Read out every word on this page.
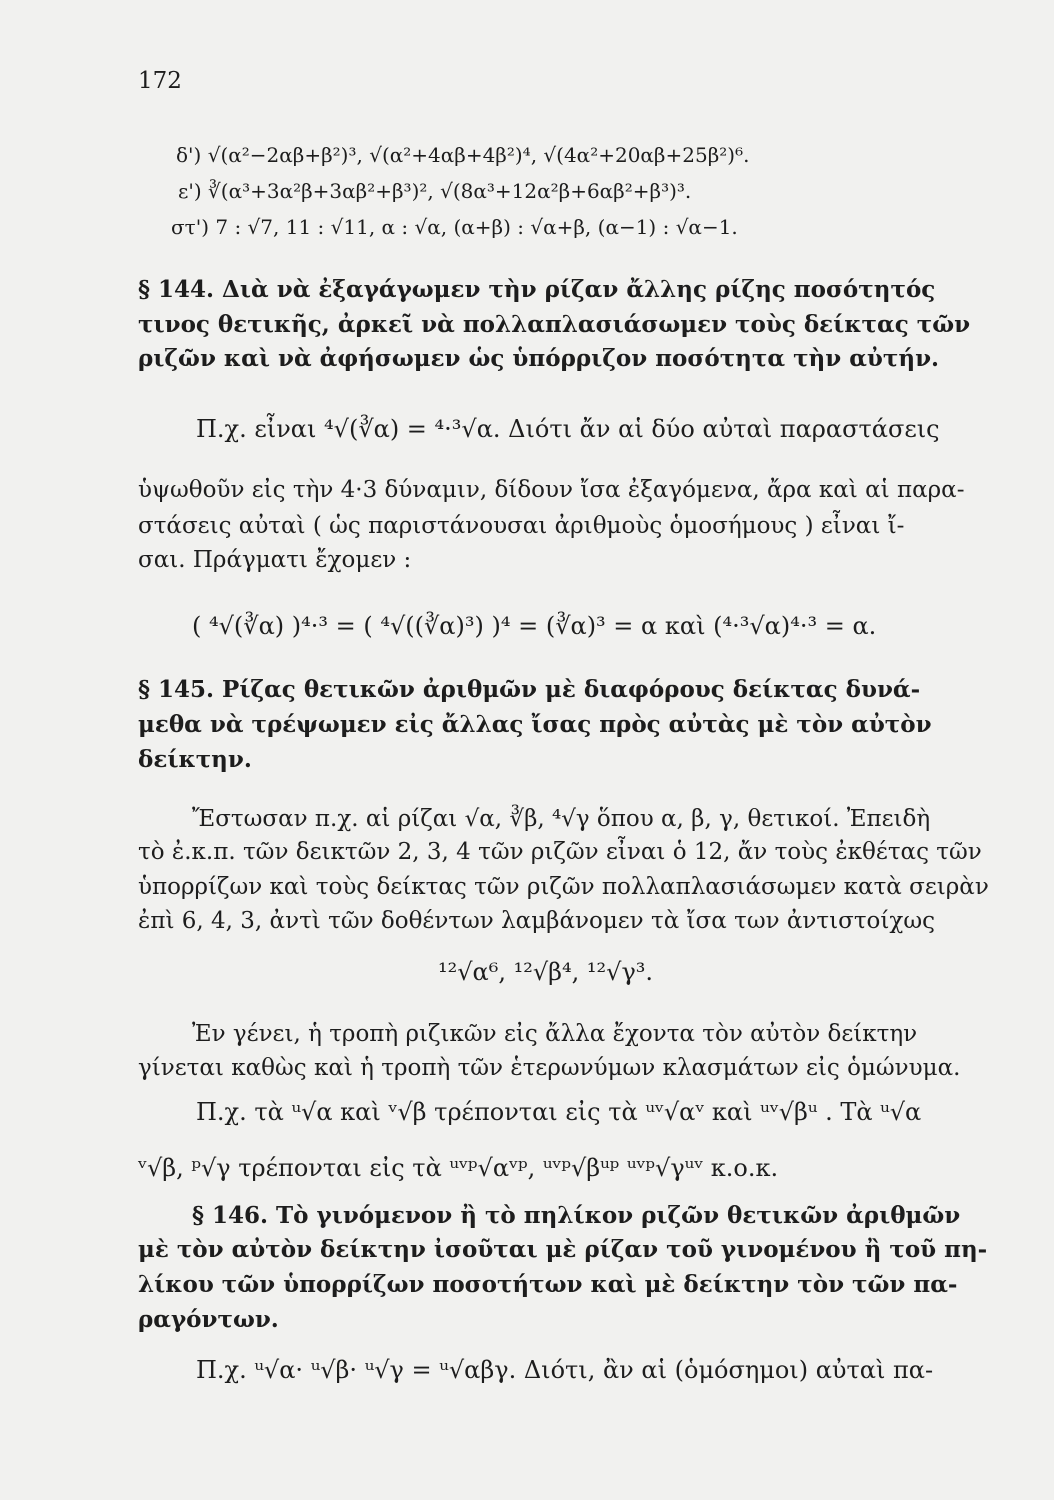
172
δ') √(α²−2αβ+β²)³, √(α²+4αβ+4β²)⁴, √(4α²+20αβ+25β²)⁶.
ε') ∛(α³+3α²β+3αβ²+β³)², √(8α³+12α²β+6αβ²+β³)³.
στ') 7 : √7, 11 : √11, α : √α, (α+β) : √α+β, (α−1) : √α−1.
§ 144. Διὰ νὰ ἐξαγάγωμεν τὴν ρίζαν ἄλλης ρίζης ποσότητός
τινος θετικῆς, ἀρκεῖ νὰ πολλαπλασιάσωμεν τοὺς δείκτας τῶν
ριζῶν καὶ νὰ ἀφήσωμεν ὡς ὑπόρριζον ποσότητα τὴν αὐτήν.
Π.χ. εἶναι ⁴√(∛α) = ⁴·³√α. Διότι ἄν αἱ δύο αὐταὶ παραστάσεις
ὑψωθοῦν εἰς τὴν 4·3 δύναμιν, δίδουν ἴσα ἐξαγόμενα, ἄρα καὶ αἱ παρα-
στάσεις αὐταὶ ( ὡς παριστάνουσαι ἀριθμοὺς ὁμοσήμους ) εἶναι ἴ-
σαι. Πράγματι ἔχομεν :
( ⁴√(∛α) )⁴·³ = ( ⁴√((∛α)³) )⁴ = (∛α)³ = α καὶ (⁴·³√α)⁴·³ = α.
§ 145. Ρίζας θετικῶν ἀριθμῶν μὲ διαφόρους δείκτας δυνά-
μεθα νὰ τρέψωμεν εἰς ἄλλας ἴσας πρὸς αὐτὰς μὲ τὸν αὐτὸν
δείκτην.
Ἔστωσαν π.χ. αἱ ρίζαι √α, ∛β, ⁴√γ ὅπου α, β, γ, θετικοί. Ἐπειδὴ
τὸ ἐ.κ.π. τῶν δεικτῶν 2, 3, 4 τῶν ριζῶν εἶναι ὁ 12, ἄν τοὺς ἐκθέτας τῶν
ὑπορρίζων καὶ τοὺς δείκτας τῶν ριζῶν πολλαπλασιάσωμεν κατὰ σειρὰν
ἐπὶ 6, 4, 3, ἀντὶ τῶν δοθέντων λαμβάνομεν τὰ ἴσα των ἀντιστοίχως
¹²√α⁶, ¹²√β⁴, ¹²√γ³.
Ἐν γένει, ἡ τροπὴ ριζικῶν εἰς ἄλλα ἔχοντα τὸν αὐτὸν δείκτην
γίνεται καθὼς καὶ ἡ τροπὴ τῶν ἑτερωνύμων κλασμάτων εἰς ὁμώνυμα.
Π.χ. τὰ ᵘ√α καὶ ᵛ√β τρέπονται εἰς τὰ ᵘᵛ√αᵛ καὶ ᵘᵛ√βᵘ . Τὰ ᵘ√α
ᵛ√β, ᵖ√γ τρέπονται εἰς τὰ ᵘᵛᵖ√αᵛᵖ, ᵘᵛᵖ√βᵘᵖ ᵘᵛᵖ√γᵘᵛ κ.ο.κ.
§ 146. Τὸ γινόμενον ἢ τὸ πηλίκον ριζῶν θετικῶν ἀριθμῶν
μὲ τὸν αὐτὸν δείκτην ἰσοῦται μὲ ρίζαν τοῦ γινομένου ἢ τοῦ πη-
λίκου τῶν ὑπορρίζων ποσοτήτων καὶ μὲ δείκτην τὸν τῶν πα-
ραγόντων.
Π.χ. ᵘ√α· ᵘ√β· ᵘ√γ = ᵘ√αβγ. Διότι, ἂν αἱ (ὁμόσημοι) αὐταὶ πα-
